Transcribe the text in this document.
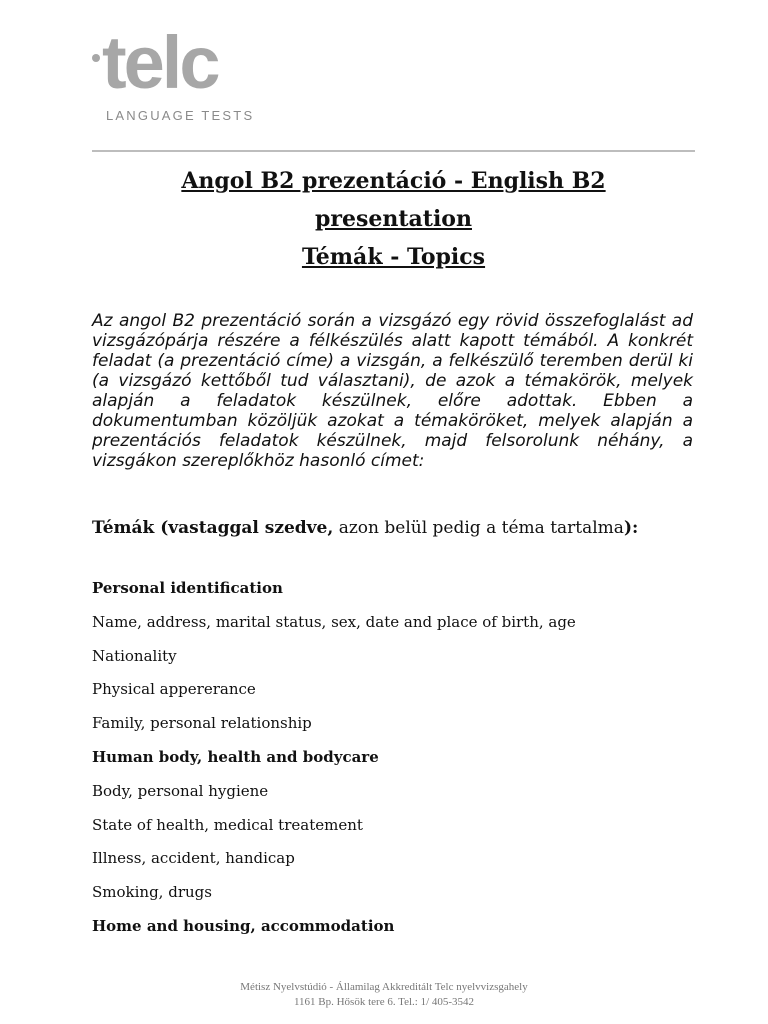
telc
LANGUAGE TESTS
Angol B2 prezentáció - English B2
presentation
Témák - Topics

Az angol B2 prezentáció során a vizsgázó egy rövid összefoglalást ad vizsgázópárja részére a félkészülés alatt kapott témából. A konkrét feladat (a prezentáció címe) a vizsgán, a felkészülő teremben derül ki (a vizsgázó kettőből tud választani), de azok a témakörök, melyek alapján a feladatok készülnek, előre adottak. Ebben a dokumentumban közöljük azokat a témaköröket, melyek alapján a prezentációs feladatok készülnek, majd felsorolunk néhány, a vizsgákon szereplőkhöz hasonló címet:

Témák (vastaggal szedve, azon belül pedig a téma tartalma):

Personal identification
Name, address, marital status, sex, date and place of birth, age
Nationality
Physical appererance
Family, personal relationship
Human body, health and bodycare
Body, personal hygiene
State of health, medical treatement
Illness, accident, handicap
Smoking, drugs
Home and housing, accommodation
Métisz Nyelvstúdió - Államilag Akkreditált Telc nyelvvizsgahely
1161 Bp. Hősök tere 6. Tel.: 1/ 405-3542
